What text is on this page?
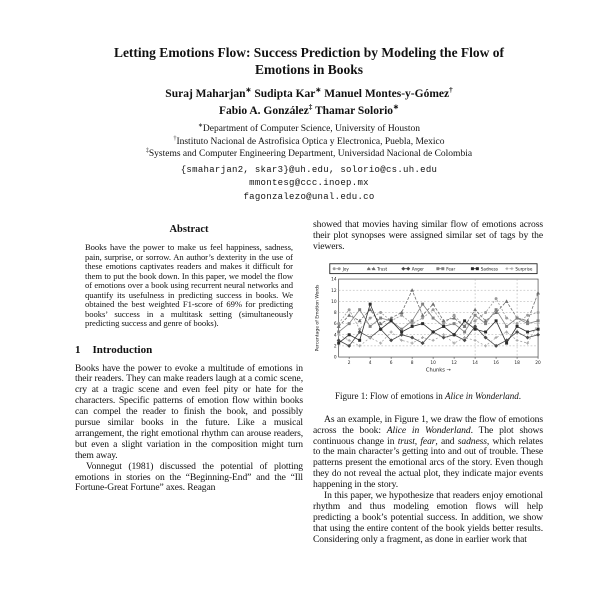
Letting Emotions Flow: Success Prediction by Modeling the Flow of Emotions in Books
Suraj Maharjan∗ Sudipta Kar∗ Manuel Montes-y-Gómez†
Fabio A. González‡ Thamar Solorio∗
∗Department of Computer Science, University of Houston
†Instituto Nacional de Astrofisica Optica y Electronica, Puebla, Mexico
‡Systems and Computer Engineering Department, Universidad Nacional de Colombia
{smaharjan2, skar3}@uh.edu, solorio@cs.uh.edu
mmontesg@ccc.inoep.mx
fagonzalezo@unal.edu.co
Abstract

Books have the power to make us feel happiness, sadness, pain, surprise, or sorrow. An author’s dexterity in the use of these emotions captivates readers and makes it difficult for them to put the book down. In this paper, we model the flow of emotions over a book using recurrent neural networks and quantify its usefulness in predicting success in books. We obtained the best weighted F1-score of 69% for predicting books’ success in a multitask setting (simultaneously predicting success and genre of books).

1 Introduction

Books have the power to evoke a multitude of emotions in their readers. They can make readers laugh at a comic scene, cry at a tragic scene and even feel pity or hate for the characters. Specific patterns of emotion flow within books can compel the reader to finish the book, and possibly pursue similar books in the future. Like a musical arrangement, the right emotional rhythm can arouse readers, but even a slight variation in the composition might turn them away.

Vonnegut (1981) discussed the potential of plotting emotions in stories on the “Beginning-End” and the “Ill Fortune-Great Fortune” axes. Reagan

showed that movies having similar flow of emotions across their plot synopses were assigned similar set of tags by the viewers.

Joy	Trust	Anger	Fear	Sadness	Surprise
0
2
4
6
8
10
12
14
2	4	6	8	10	12	14	16	18	20
Chunks →
Percentage of Emotion Words
Figure 1: Flow of emotions in Alice in Wonderland.

As an example, in Figure 1, we draw the flow of emotions across the book: Alice in Wonderland. The plot shows continuous change in trust, fear, and sadness, which relates to the main character’s getting into and out of trouble. These patterns present the emotional arcs of the story. Even though they do not reveal the actual plot, they indicate major events happening in the story.

In this paper, we hypothesize that readers enjoy emotional rhythm and thus modeling emotion flows will help predicting a book’s potential success. In addition, we show that using the entire content of the book yields better results. Considering only a fragment, as done in earlier work that
